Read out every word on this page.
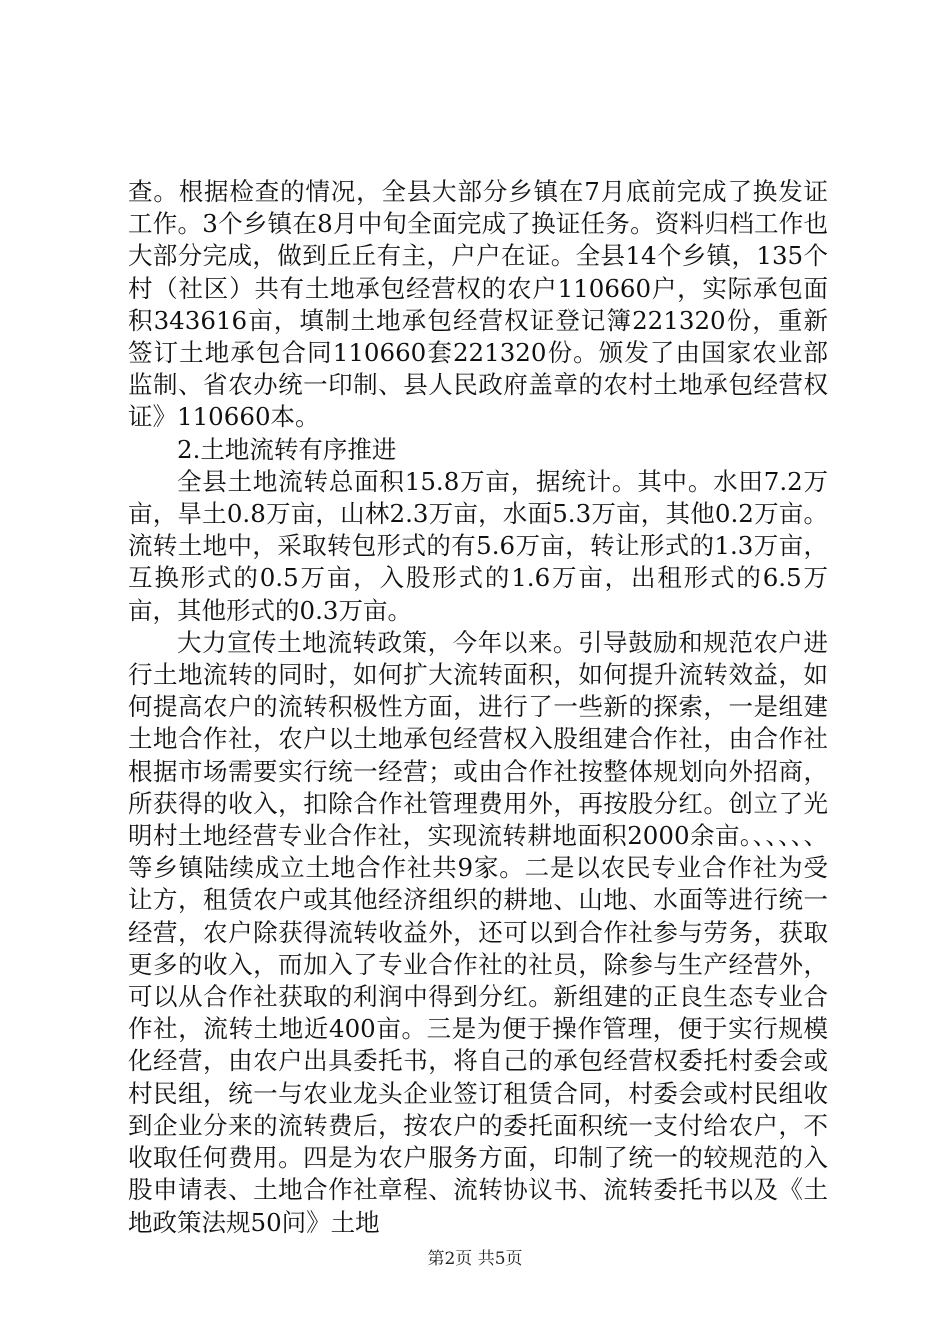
查。根据检查的情况，全县大部分乡镇在7月底前完成了换发证工作。3个乡镇在8月中旬全面完成了换证任务。资料归档工作也大部分完成，做到丘丘有主，户户在证。全县14个乡镇，135个村（社区）共有土地承包经营权的农户110660户，实际承包面积343616亩，填制土地承包经营权证登记簿221320份，重新签订土地承包合同110660套221320份。颁发了由国家农业部监制、省农办统一印制、县人民政府盖章的农村土地承包经营权证》110660本。

2.土地流转有序推进

全县土地流转总面积15.8万亩，据统计。其中。水田7.2万亩，旱土0.8万亩，山林2.3万亩，水面5.3万亩，其他0.2万亩。流转土地中，采取转包形式的有5.6万亩，转让形式的1.3万亩，互换形式的0.5万亩，入股形式的1.6万亩，出租形式的6.5万亩，其他形式的0.3万亩。

大力宣传土地流转政策，今年以来。引导鼓励和规范农户进行土地流转的同时，如何扩大流转面积，如何提升流转效益，如何提高农户的流转积极性方面，进行了一些新的探索，一是组建土地合作社，农户以土地承包经营权入股组建合作社，由合作社根据市场需要实行统一经营；或由合作社按整体规划向外招商，所获得的收入，扣除合作社管理费用外，再按股分红。创立了光明村土地经营专业合作社，实现流转耕地面积2000余亩。、、、、、等乡镇陆续成立土地合作社共9家。二是以农民专业合作社为受让方，租赁农户或其他经济组织的耕地、山地、水面等进行统一经营，农户除获得流转收益外，还可以到合作社参与劳务，获取更多的收入，而加入了专业合作社的社员，除参与生产经营外，可以从合作社获取的利润中得到分红。新组建的正良生态专业合作社，流转土地近400亩。三是为便于操作管理，便于实行规模化经营，由农户出具委托书，将自己的承包经营权委托村委会或村民组，统一与农业龙头企业签订租赁合同，村委会或村民组收到企业分来的流转费后，按农户的委托面积统一支付给农户，不收取任何费用。四是为农户服务方面，印制了统一的较规范的入股申请表、土地合作社章程、流转协议书、流转委托书以及《土地政策法规50问》土地

第2页 共5页
